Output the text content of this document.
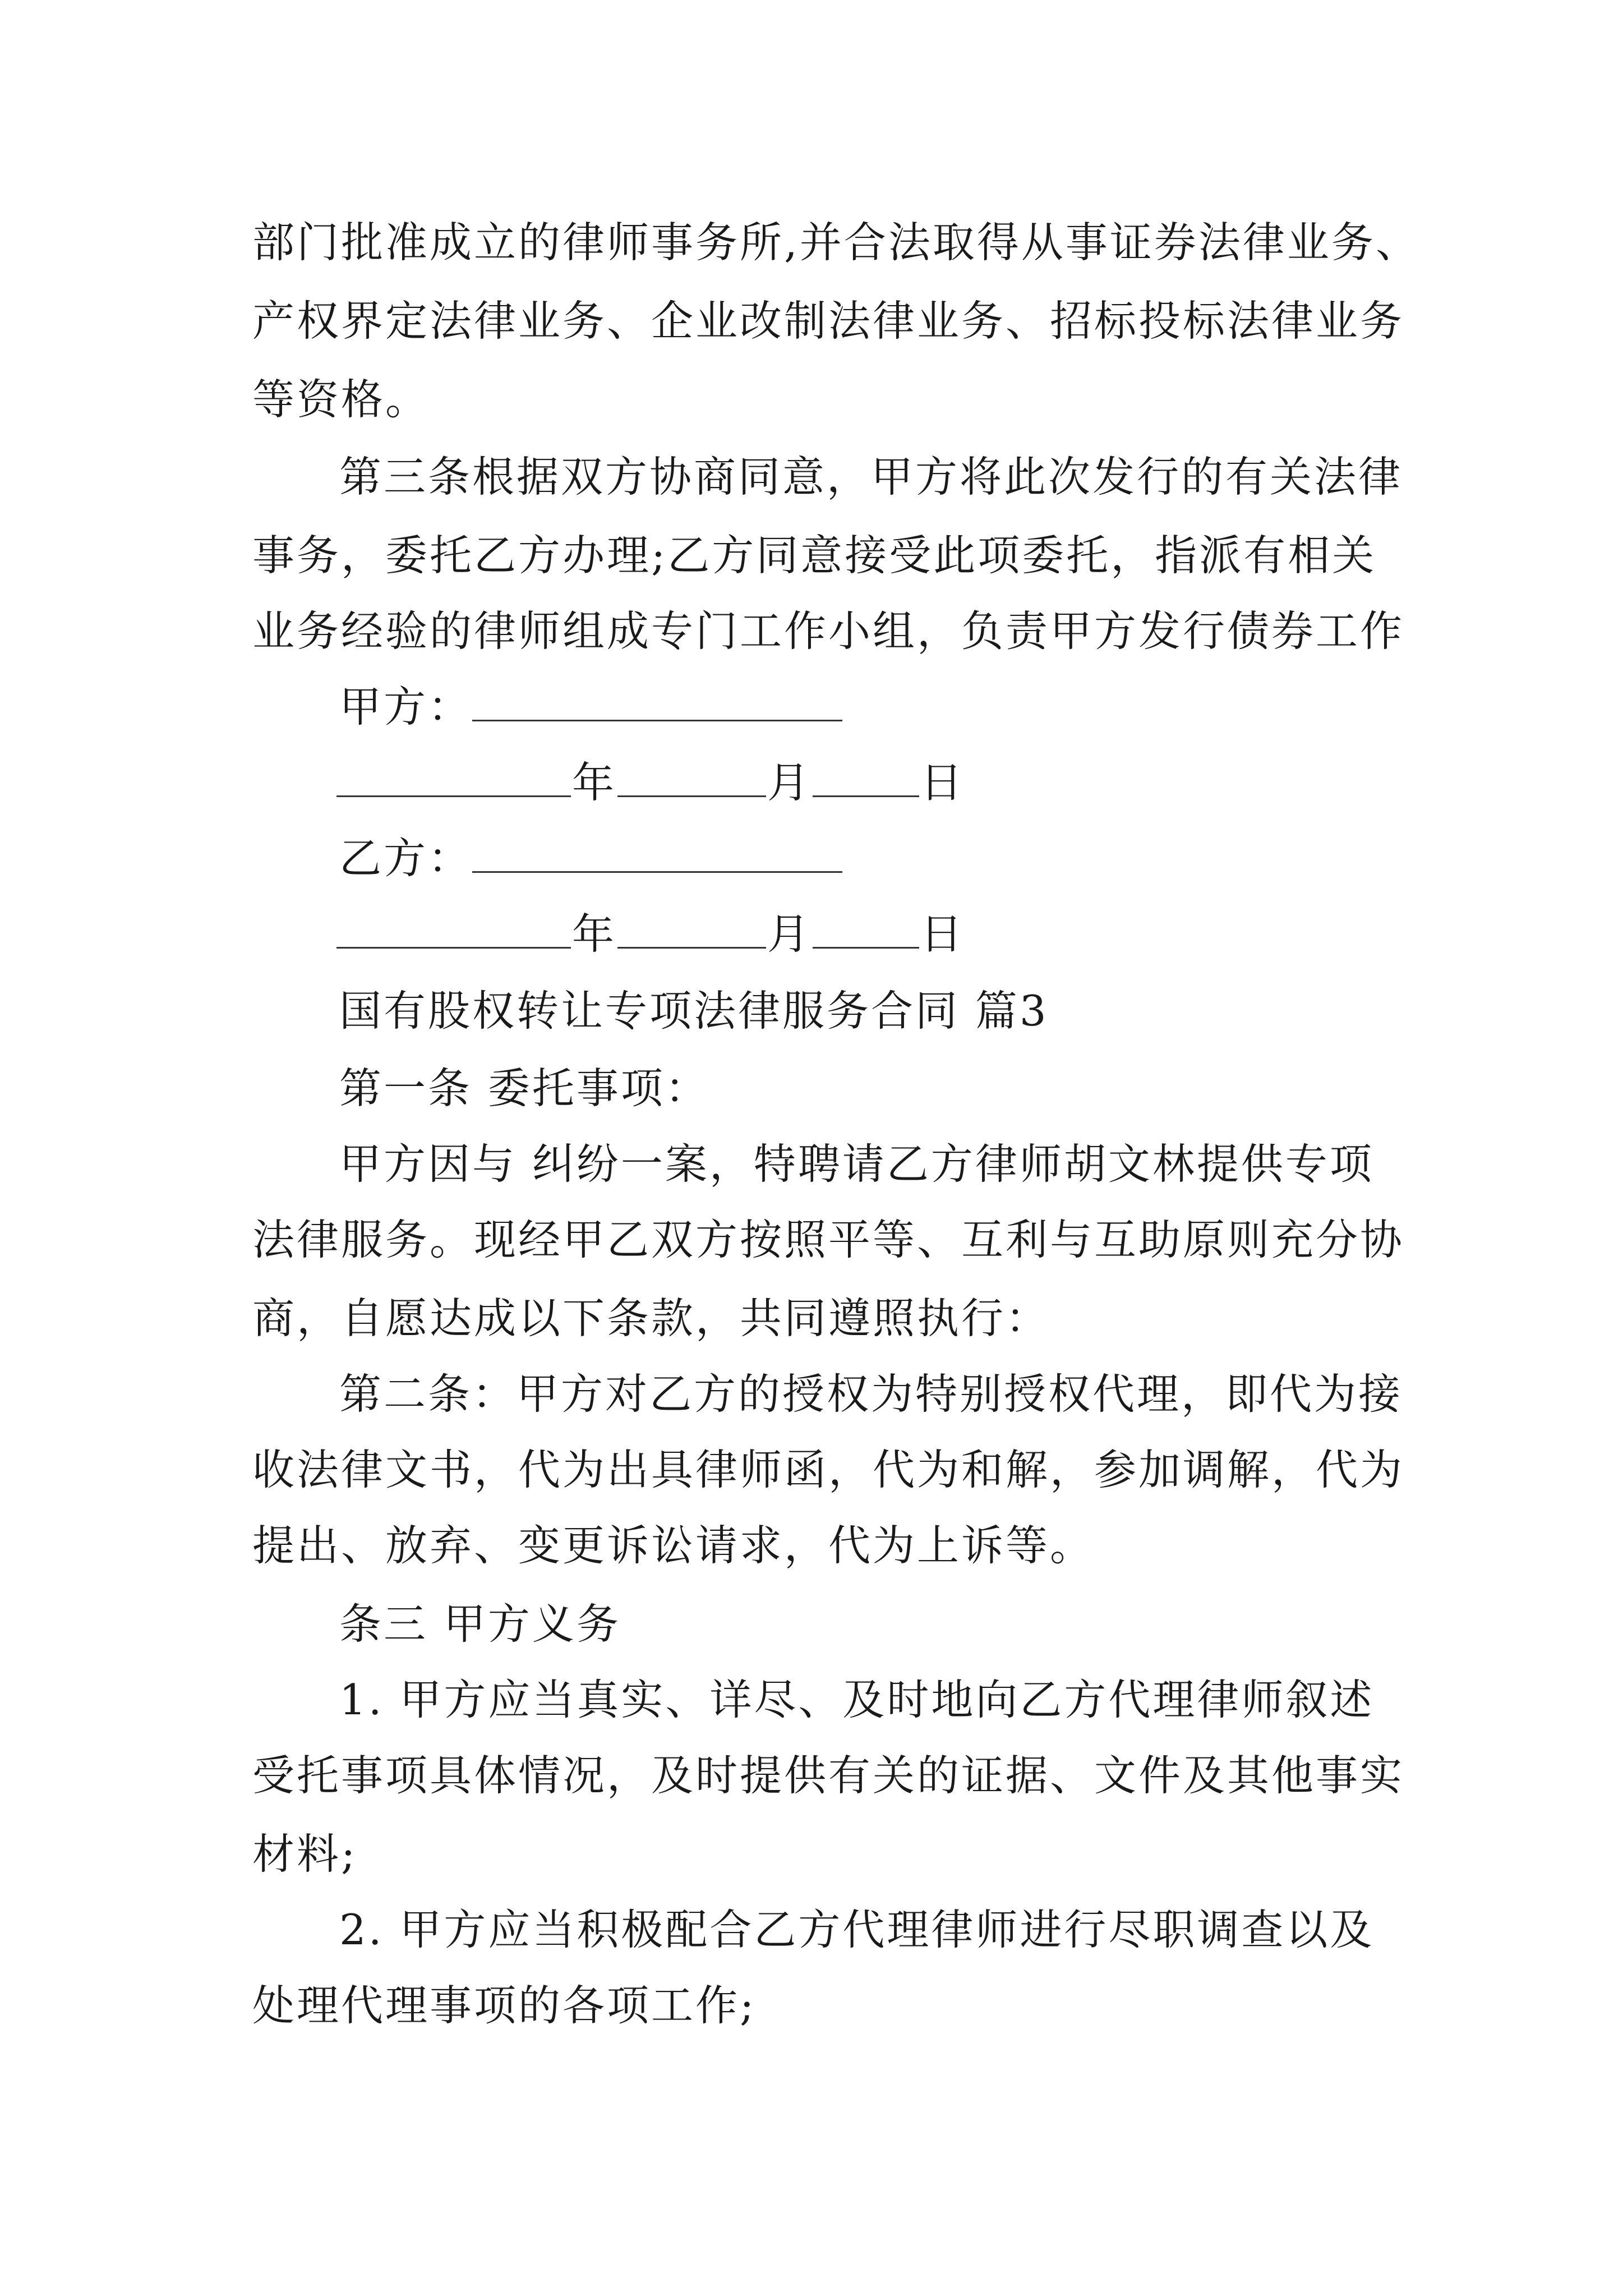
部门批准成立的律师事务所,并合法取得从事证券法律业务、
产权界定法律业务、企业改制法律业务、招标投标法律业务
等资格。
第三条根据双方协商同意，甲方将此次发行的有关法律
事务，委托乙方办理;乙方同意接受此项委托，指派有相关
业务经验的律师组成专门工作小组，负责甲方发行债券工作
甲方：
年	月	日
乙方：
年	月	日
国有股权转让专项法律服务合同 篇3
第一条 委托事项：
甲方因与 纠纷一案，特聘请乙方律师胡文林提供专项
法律服务。现经甲乙双方按照平等、互利与互助原则充分协
商，自愿达成以下条款，共同遵照执行：
第二条：甲方对乙方的授权为特别授权代理，即代为接
收法律文书，代为出具律师函，代为和解，参加调解，代为
提出、放弃、变更诉讼请求，代为上诉等。
条三 甲方义务
1. 甲方应当真实、详尽、及时地向乙方代理律师叙述
受托事项具体情况，及时提供有关的证据、文件及其他事实
材料;
2. 甲方应当积极配合乙方代理律师进行尽职调查以及
处理代理事项的各项工作;
